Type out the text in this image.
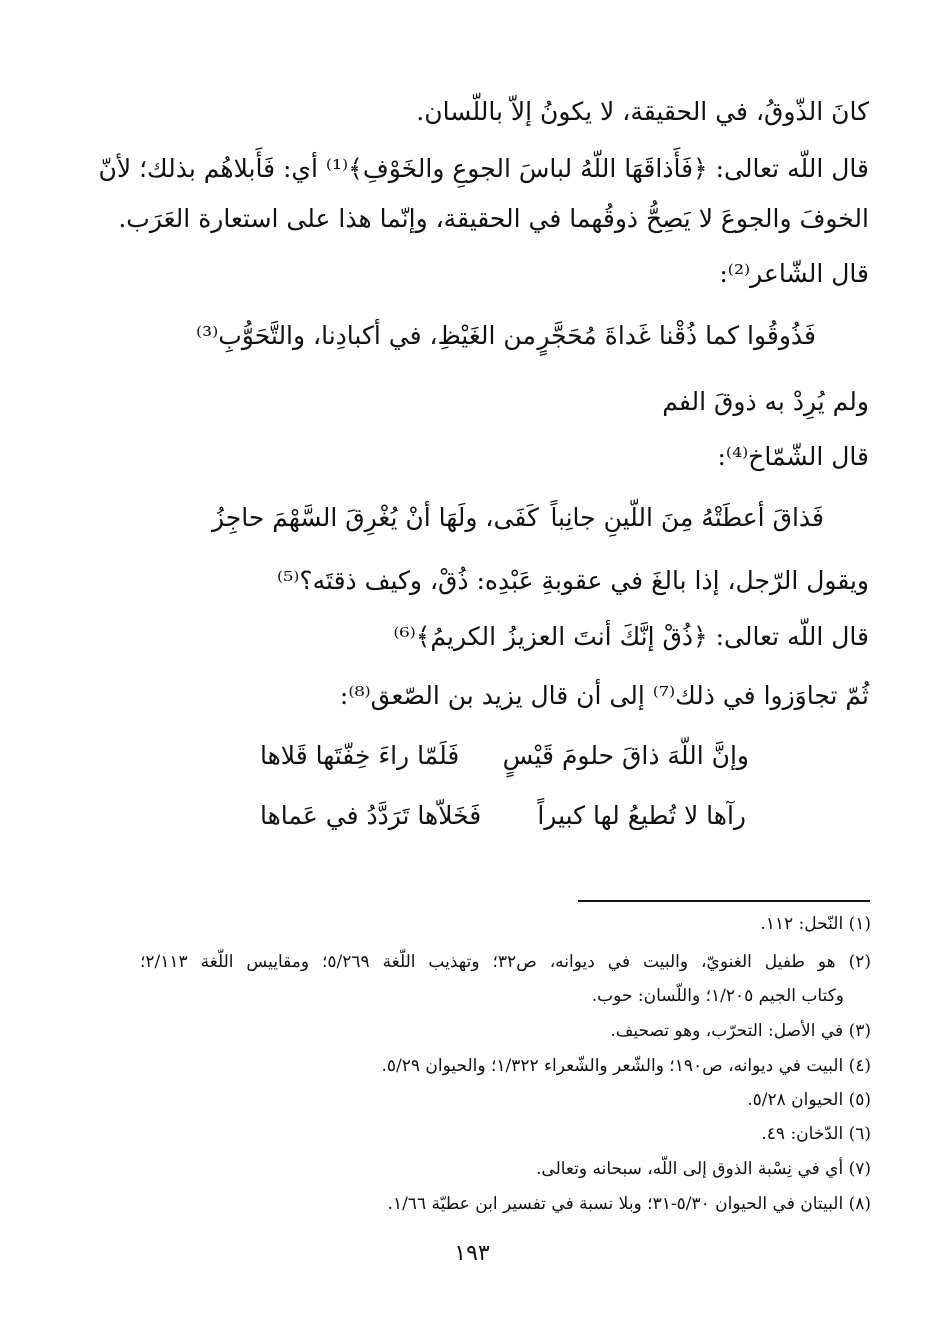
كانَ الذّوقُ، في الحقيقة، لا يكونُ إلاّ باللّسان.
قال اللّه تعالى: ﴿فَأَذاقَهَا اللّهُ لباسَ الجوعِ والخَوْفِ﴾⁽¹⁾ أي: فَأَبلاهُم بذلك؛ لأنّ
الخوفَ والجوعَ لا يَصِحُّ ذوقُهما في الحقيقة، وإنّما هذا على استعارة العَرَب.
قال الشّاعر⁽²⁾:
فَذُوقُوا كما ذُقْنا غَداةَ مُحَجَّرٍ
من الغَيْظِ، في أكبادِنا، والتَّحَوُّبِ⁽³⁾
ولم يُرِدْ به ذوقَ الفم
قال الشّمّاخ⁽⁴⁾:
فَذاقَ أعطَتْهُ مِنَ اللّينِ جانِباً
كَفَى، ولَهَا أنْ يُغْرِقَ السَّهْمَ حاجِزُ
ويقول الرّجل، إذا بالغَ في عقوبةِ عَبْدِه: ذُقْ، وكيف ذقتَه؟⁽⁵⁾
قال اللّه تعالى: ﴿ذُقْ إنَّكَ أنتَ العزيزُ الكريمُ﴾⁽⁶⁾
ثُمّ تجاوَزوا في ذلك⁽⁷⁾ إلى أن قال يزيد بن الصّعق⁽⁸⁾:
وإنَّ اللّهَ ذاقَ حلومَ قَيْسٍ
فَلَمّا راءَ خِفّتَها قَلاها
رآها لا تُطيعُ لها كبيراً
فَخَلاّها تَرَدَّدُ في عَماها
(١) النّحل: ١١٢.
(٢) هو طفيل الغنويّ، والبيت في ديوانه، ص٣٢؛ وتهذيب اللّغة ٥/٢٦٩؛ ومقاييس اللّغة ٢/١١٣؛
وكتاب الجيم ١/٢٠٥؛ واللّسان: حوب.
(٣) في الأصل: التحرّب، وهو تصحيف.
(٤) البيت في ديوانه، ص١٩٠؛ والشّعر والشّعراء ١/٣٢٢؛ والحيوان ٥/٢٩.
(٥) الحيوان ٥/٢٨.
(٦) الدّخان: ٤٩.
(٧) أي في نِسْبة الذوق إلى اللّه، سبحانه وتعالى.
(٨) البيتان في الحيوان ٥/٣٠-٣١؛ وبلا نسبة في تفسير ابن عطيّة ١/٦٦.
١٩٣
